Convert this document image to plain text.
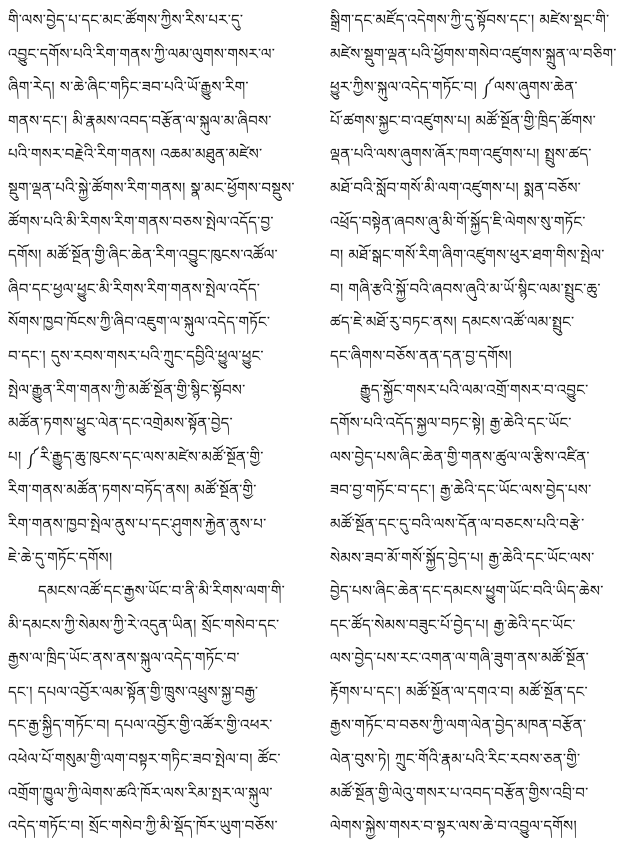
གི་ལས་བྱེད་པ་དང་མང་ཚོགས་ཀྱིས་རིས་པར་དུ་
འབྱུང་དགོས་པའི་རིག་གནས་ཀྱི་ལམ་ལུགས་གསར་ལ་
ཞིག་རེད། ས་ཆེ་ཞིང་གཏིང་ཟབ་པའི་ཡོ་རྒྱུས་རིག་
གནས་དང་། མི་རྣམས་འབད་བརྩོན་ལ་སྐུལ་མ་ཞིབས་
པའི་གསར་བརྗེའི་རིག་གནས། འཆམ་མཐུན་མཛེས་
སྡུག་ལྡན་པའི་སྐྱེ་ཚོགས་རིག་གནས། སྣ་མང་ཕྱོགས་བསྡུས་
ཚོགས་པའི་མི་རིགས་རིག་གནས་བཅས་སྤེལ་འདོད་བྱ་
དགོས། མཚོ་སྔོན་གྱི་ཞིང་ཆེན་རིག་འབྱུང་ཁུངས་འཚོལ་
ཞིབ་དང་ཕྱལ་ཕྱུང་མི་རིགས་རིག་གནས་སྤེལ་འདོད་
སོགས་ཁྱབ་ཁོངས་ཀྱི་ཞིབ་འཇུག་ལ་སྐུལ་འདེད་གཏོང་
བ་དང་། དུས་རབས་གསར་པའི་ཀྲུང་དབྱིའི་ཕྱུལ་ཕྱུང་
སྤེལ་རྒྱུན་རིག་གནས་ཀྱི་མཚོ་སྔོན་གྱི་སྙིང་སྟོབས་
མཚོན་ཏགས་ཕྱུང་ལེན་དང་འགྲེམས་སྟོན་བྱེད་
པ། ༼རི་རྒྱུད་ཆུ་ཁུངས་དང་ལས་མཛེས་མཚོ་སྔོན་གྱི་
རིག་གནས་མཚོན་ཏགས་བཏོད་ནས། མཚོ་སྔོན་གྱི་
རིག་གནས་ཁྱབ་སྤེལ་ནུས་པ་དང་ཤུགས་རྐྱེན་ནུས་པ་
ཇེ་ཆེ་དུ་གཏོང་དགོས།
དམངས་འཚོ་དང་རྒྱས་ཡོང་བ་ནི་མི་རིགས་ལག་གི་
མི་དམངས་ཀྱི་སེམས་ཀྱི་རེ་འདུན་ཡིན། སྲོང་གསེབ་དང་
རྒྱས་ལ་ཁྲིད་ཡོང་ནས་ནས་སྐུལ་འདེད་གཏོང་བ་
དང་། དཔལ་འབྱོར་ལམ་སྟོན་གྱི་ཁྲུས་འཕྲུས་སྐྱ་བརྒྱ་
དང་རྒྱ་སྐྱིད་གཏོང་བ། དཔལ་འབྱོར་གྱི་འཚོར་གྱི་འཕར་
འཕེལ་པོ་གསུམ་གྱི་ལག་བསྟར་གཏིང་ཟབ་སྤེལ་བ། ཚོང་
འགྲོག་ཁྱུལ་ཀྱི་ལེགས་ཚའི་ཁོར་ལས་རིམ་སྤར་ལ་སྐུལ་
འདེད་གཏོང་བ། སྲོང་གསེབ་ཀྱི་མི་སྡོད་ཁོར་ཡུག་བཅོས་
སྒྲིག་དང་མཛོད་འདེགས་ཀྱི་དུ་སྟོབས་དང་། མཛེས་སྡང་གི་
མཛེས་སྡུག་ལྡན་པའི་ཕྱོགས་གསེབ་འཛུགས་སྐྲུན་ལ་བཅིག་
ཕྱུར་ཀྱིས་སྐུལ་འདེད་གཏོང་བ། ༼ལས་ཞུགས་ཆེན་
པོ་ཚགས་སྐྱང་བ་འཛུགས་པ། མཚོ་སྔོན་གྱི་ཁྲིད་ཚོགས་
ལྡན་པའི་ལས་ཞུགས་ཞོར་ཁག་འཛུགས་པ། སྤྲུས་ཚད་
མཐོ་བའི་སློབ་གསོ་མི་ལག་འཛུགས་པ། སྨན་བཅོས་
འཕྲོད་བསྟེན་ཞབས་ཞུ་མི་གོ་སྐྱོད་ཇི་ལེགས་སུ་གཏོང་
བ། མཐོ་སྒང་གསོ་རིག་ཞིག་འཛུགས་ཕུར་ཐག་གིས་སྤེལ་
བ། གཞི་རྩའི་སྐྱོ་བའི་ཞབས་ཞུའི་མ་ཡོ་སྙིང་ལམ་སྤྲུང་ཆུ་
ཚད་ཇེ་མཐོ་རུ་བཏང་ནས། དམངས་འཚོ་ལམ་སྤྲུང་
དང་ཞིགས་བཅོས་ནན་དན་བྱ་དགོས།
རྒྱུད་སྐྱོང་གསར་པའི་ལམ་འགྲོ་གསར་བ་འབྱུང་
དགོས་པའི་འདོད་སྐྱལ་བཏང་སྟེ། རྒྱ་ཆེའི་དང་ཡོང་
ལས་བྱེད་པས་ཞིང་ཆེན་གྱི་གནས་ཚུལ་ལ་རྩིས་འཛིན་
ཟབ་བྱ་གཏོང་བ་དང་། རྒྱ་ཆེའི་དང་ཡོང་ལས་བྱེད་པས་
མཚོ་སྔོན་དང་དུ་བའི་ལས་དོན་ལ་བཅངས་པའི་བརྩེ་
སེམས་ཟབ་མོ་གསོ་སྐྱོད་བྱེད་པ། རྒྱ་ཆེའི་དང་ཡོང་ལས་
བྱེད་པས་ཞིང་ཆེན་དང་དམངས་ཕྱུག་ཡོང་བའི་ཡིད་ཆེས་
དང་ཚོད་སེམས་བཟུང་པོ་བྱེད་པ། རྒྱ་ཆེའི་དང་ཡོང་
ལས་བྱེད་པས་རང་འགན་ལ་གཞི་ཟུག་ནས་མཚོ་སྔོན་
རྟོགས་པ་དང་། མཚོ་སྔོན་ལ་དགའ་བ། མཚོ་སྔོན་དང་
རྒྱས་གཏོང་བ་བཅས་ཀྱི་ལག་ལེན་བྱེད་མཁན་བརྩོན་
ལེན་བུས་ཏེ། ཀྲུང་གོའི་རྣམ་པའི་རིང་རབས་ཅན་གྱི་
མཚོ་སྔོན་གྱི་ལེའུ་གསར་པ་འབད་བརྩོན་གྱིས་འབྲི་བ་
ལེགས་སྐྱེས་གསར་བ་སྟར་ལས་ཆེ་བ་འབྱུལ་དགོས།
